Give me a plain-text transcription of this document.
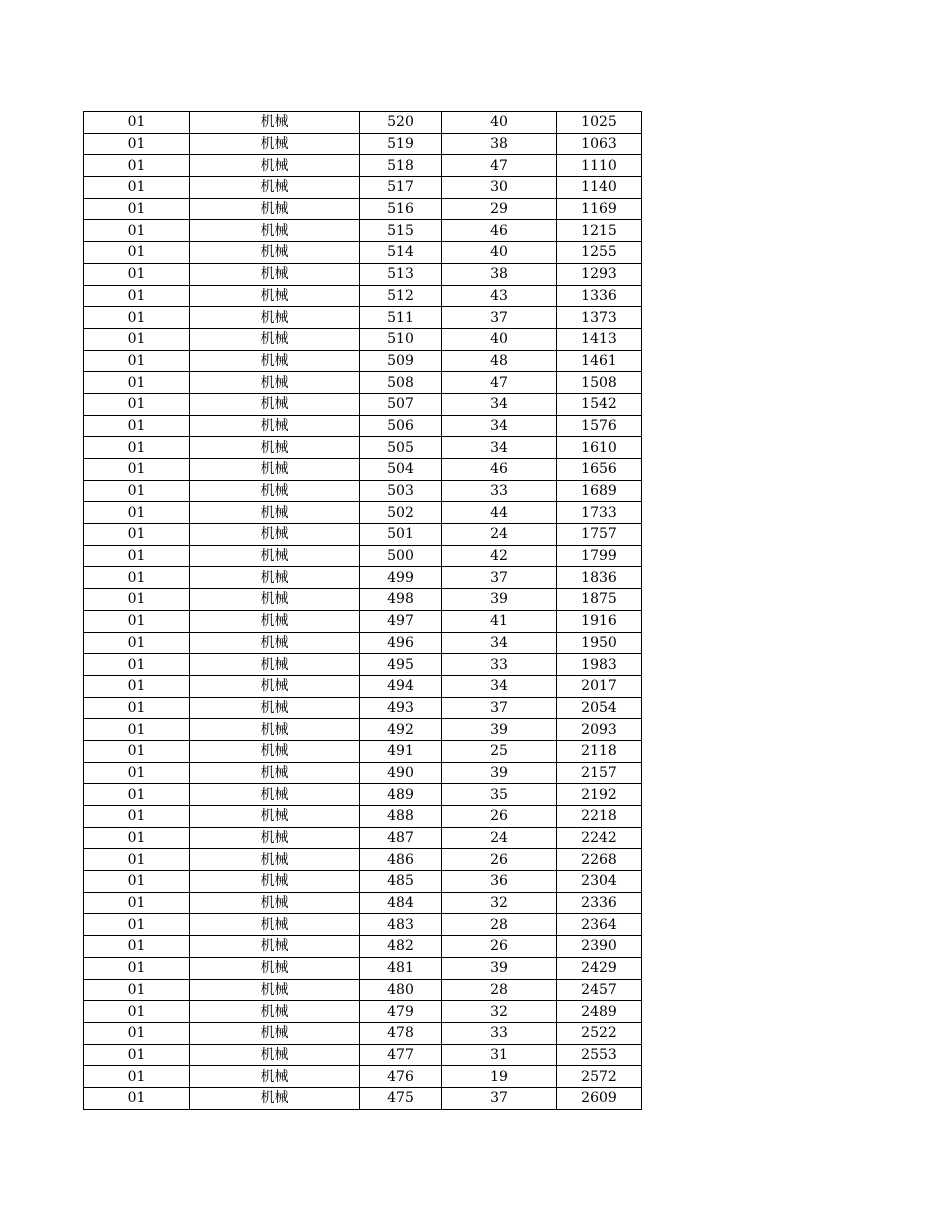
01	机械	520	40	1025
01	机械	519	38	1063
01	机械	518	47	1110
01	机械	517	30	1140
01	机械	516	29	1169
01	机械	515	46	1215
01	机械	514	40	1255
01	机械	513	38	1293
01	机械	512	43	1336
01	机械	511	37	1373
01	机械	510	40	1413
01	机械	509	48	1461
01	机械	508	47	1508
01	机械	507	34	1542
01	机械	506	34	1576
01	机械	505	34	1610
01	机械	504	46	1656
01	机械	503	33	1689
01	机械	502	44	1733
01	机械	501	24	1757
01	机械	500	42	1799
01	机械	499	37	1836
01	机械	498	39	1875
01	机械	497	41	1916
01	机械	496	34	1950
01	机械	495	33	1983
01	机械	494	34	2017
01	机械	493	37	2054
01	机械	492	39	2093
01	机械	491	25	2118
01	机械	490	39	2157
01	机械	489	35	2192
01	机械	488	26	2218
01	机械	487	24	2242
01	机械	486	26	2268
01	机械	485	36	2304
01	机械	484	32	2336
01	机械	483	28	2364
01	机械	482	26	2390
01	机械	481	39	2429
01	机械	480	28	2457
01	机械	479	32	2489
01	机械	478	33	2522
01	机械	477	31	2553
01	机械	476	19	2572
01	机械	475	37	2609
